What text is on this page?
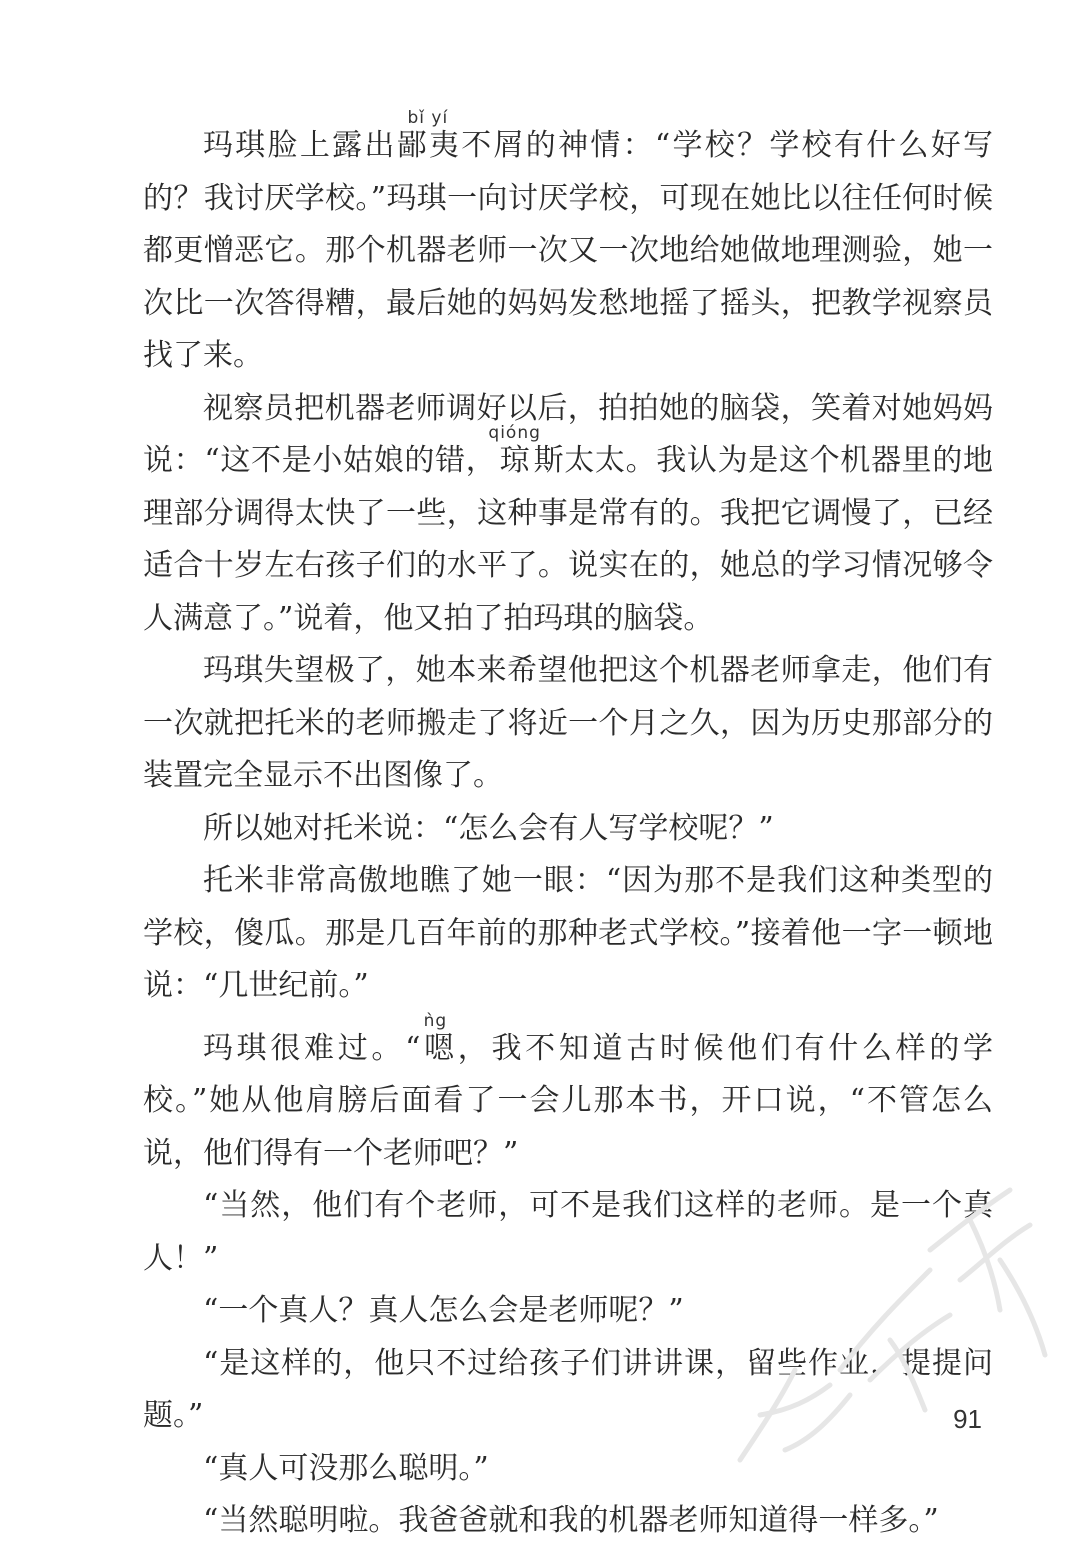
玛琪脸上露出鄙夷bǐ yí不屑的神情：“学校？学校有什么好写的？我讨厌学校。”玛琪一向讨厌学校，可现在她比以往任何时候都更憎恶它。那个机器老师一次又一次地给她做地理测验，她一次比一次答得糟，最后她的妈妈发愁地摇了摇头，把教学视察员找了来。

视察员把机器老师调好以后，拍拍她的脑袋，笑着对她妈妈说：“这不是小姑娘的错，琼qióng斯太太。我认为是这个机器里的地理部分调得太快了一些，这种事是常有的。我把它调慢了，已经适合十岁左右孩子们的水平了。说实在的，她总的学习情况够令人满意了。”说着，他又拍了拍玛琪的脑袋。

玛琪失望极了，她本来希望他把这个机器老师拿走，他们有一次就把托米的老师搬走了将近一个月之久，因为历史那部分的装置完全显示不出图像了。

所以她对托米说：“怎么会有人写学校呢？”

托米非常高傲地瞧了她一眼：“因为那不是我们这种类型的学校，傻瓜。那是几百年前的那种老式学校。”接着他一字一顿地说：“几世纪前。”

玛琪很难过。“嗯ǹg，我不知道古时候他们有什么样的学校。”她从他肩膀后面看了一会儿那本书，开口说，“不管怎么说，他们得有一个老师吧？”

“当然，他们有个老师，可不是我们这样的老师。是一个真人！”

“一个真人？真人怎么会是老师呢？”

“是这样的，他只不过给孩子们讲讲课，留些作业，提提问题。”

“真人可没那么聪明。”

“当然聪明啦。我爸爸就和我的机器老师知道得一样多。”

91
